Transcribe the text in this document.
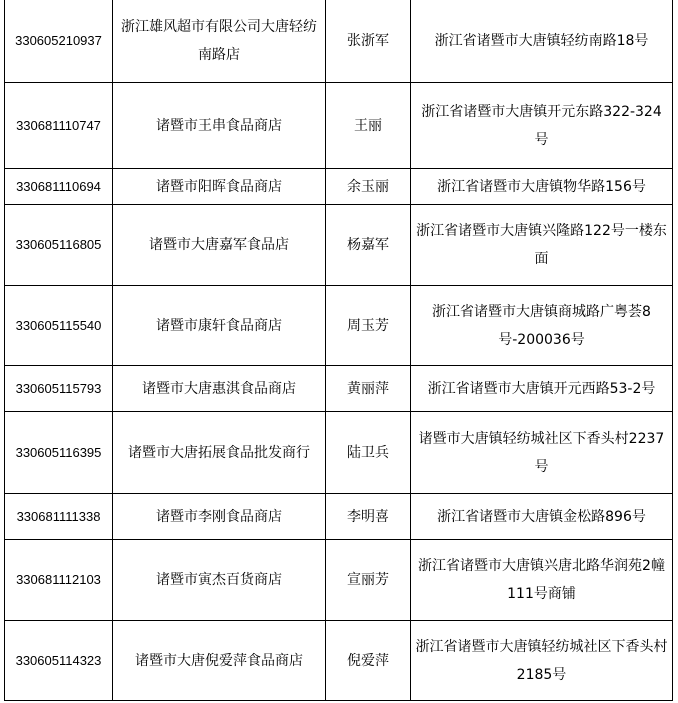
330605210937	浙江雄风超市有限公司大唐轻纺南路店	张浙军	浙江省诸暨市大唐镇轻纺南路18号
330681110747	诸暨市王串食品商店	王丽	浙江省诸暨市大唐镇开元东路322-324号
330681110694	诸暨市阳晖食品商店	余玉丽	浙江省诸暨市大唐镇物华路156号
330605116805	诸暨市大唐嘉军食品店	杨嘉军	浙江省诸暨市大唐镇兴隆路122号一楼东面
330605115540	诸暨市康轩食品商店	周玉芳	浙江省诸暨市大唐镇商城路广粤荟8号-200036号
330605115793	诸暨市大唐惠淇食品商店	黄丽萍	浙江省诸暨市大唐镇开元西路53-2号
330605116395	诸暨市大唐拓展食品批发商行	陆卫兵	诸暨市大唐镇轻纺城社区下香头村2237号
330681111338	诸暨市李刚食品商店	李明喜	浙江省诸暨市大唐镇金松路896号
330681112103	诸暨市寅杰百货商店	宣丽芳	浙江省诸暨市大唐镇兴唐北路华润苑2幢111号商铺
330605114323	诸暨市大唐倪爱萍食品商店	倪爱萍	浙江省诸暨市大唐镇轻纺城社区下香头村2185号
